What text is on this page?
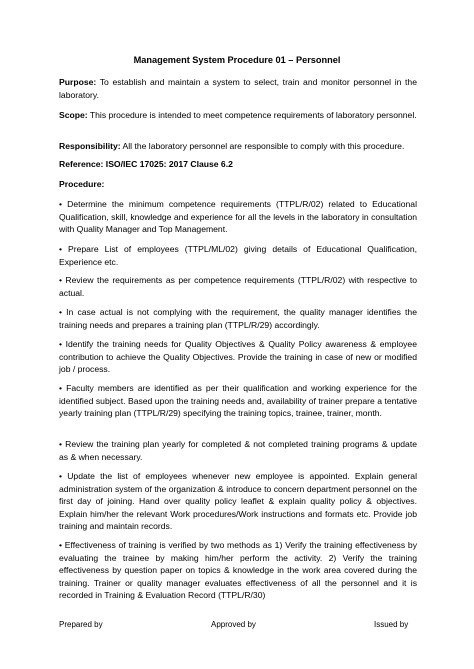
Management System Procedure 01 – Personnel

Purpose: To establish and maintain a system to select, train and monitor personnel in the laboratory.

Scope: This procedure is intended to meet competence requirements of laboratory personnel.

Responsibility: All the laboratory personnel are responsible to comply with this procedure.

Reference: ISO/IEC 17025: 2017 Clause 6.2

Procedure:

• Determine the minimum competence requirements (TTPL/R/02) related to Educational Qualification, skill, knowledge and experience for all the levels in the laboratory in consultation with Quality Manager and Top Management.

• Prepare List of employees (TTPL/ML/02) giving details of Educational Qualification, Experience etc.

• Review the requirements as per competence requirements (TTPL/R/02) with respective to actual.

• In case actual is not complying with the requirement, the quality manager identifies the training needs and prepares a training plan (TTPL/R/29) accordingly.

• Identify the training needs for Quality Objectives & Quality Policy awareness & employee contribution to achieve the Quality Objectives. Provide the training in case of new or modified job / process.

• Faculty members are identified as per their qualification and working experience for the identified subject. Based upon the training needs and, availability of trainer prepare a tentative yearly training plan (TTPL/R/29) specifying the training topics, trainee, trainer, month.

• Review the training plan yearly for completed & not completed training programs & update as & when necessary.

• Update the list of employees whenever new employee is appointed. Explain general administration system of the organization & introduce to concern department personnel on the first day of joining. Hand over quality policy leaflet & explain quality policy & objectives. Explain him/her the relevant Work procedures/Work instructions and formats etc. Provide job training and maintain records.

• Effectiveness of training is verified by two methods as 1) Verify the training effectiveness by evaluating the trainee by making him/her perform the activity. 2) Verify the training effectiveness by question paper on topics & knowledge in the work area covered during the training. Trainer or quality manager evaluates effectiveness of all the personnel and it is recorded in Training & Evaluation Record (TTPL/R/30)

Prepared by	Approved by	Issued by
